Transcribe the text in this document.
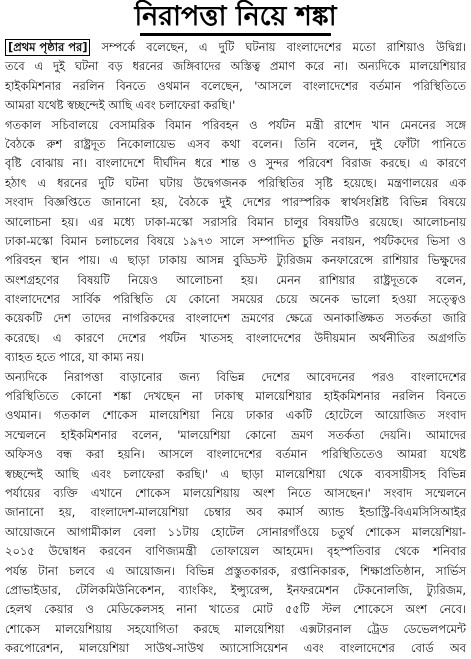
নিরাপত্তা নিয়ে শঙ্কা
[প্রথম পৃষ্ঠার পর] সম্পর্কে বলেছেন, এ দুটি ঘটনায় বাংলাদেশের মতো রাশিয়াও উদ্বিগ্ন।
তবে এ দুই ঘটনা বড় ধরনের জঙ্গিবাদের অস্তিত্ব প্রমাণ করে না। অন্যদিকে মালয়েশিয়ার
হাইকমিশনার নরলিন বিনতে ওথমান বলেছেন, 'আসলে বাংলাদেশের বর্তমান পরিস্থিতিতে
আমরা যথেষ্ট স্বচ্ছন্দেই আছি এবং চলাফেরা করছি।'
গতকাল সচিবালয়ে বেসামরিক বিমান পরিবহন ও পর্যটন মন্ত্রী রাশেদ খান মেননের সঙ্গে
বৈঠকে রুশ রাষ্ট্রদূত নিকোলায়েভ এসব কথা বলেন। তিনি বলেন, দুই ফোঁটা পানিতে
বৃষ্টি বোঝায় না। বাংলাদেশে দীর্ঘদিন ধরে শান্ত ও সুন্দর পরিবেশ বিরাজ করছে। এ কারণে
হঠাৎ এ ধরনের দুটি ঘটনা ঘটায় উদ্বেগজনক পরিস্থিতির সৃষ্টি হয়েছে। মন্ত্রণালয়ের এক
সংবাদ বিজ্ঞপ্তিতে জানানো হয়, বৈঠকে দুই দেশের পারস্পরিক স্বার্থসংশ্লিষ্ট বিভিন্ন বিষয়ে
আলোচনা হয়। এর মধ্যে ঢাকা-মস্কো সরাসরি বিমান চালুর বিষয়টিও রয়েছে। আলোচনায়
ঢাকা-মস্কো বিমান চলাচলের বিষয়ে ১৯৭৩ সালে সম্পাদিত চুক্তি নবায়ন, পর্যটকদের ভিসা ও
পরিবহন স্থান পায়। এ ছাড়া ঢাকায় আসন্ন বুড্ডিস্ট ট্যুরিজম কনফারেন্সে রাশিয়ার ভিক্ষুদের
অংশগ্রহণের বিষয়টি নিয়েও আলোচনা হয়। মেনন রাশিয়ার রাষ্ট্রদূতকে বলেন,
বাংলাদেশের সার্বিক পরিস্থিতি যে কোনো সময়ের চেয়ে অনেক ভালো হওয়া সত্ত্বেও
কয়েকটি দেশ তাদের নাগরিকদের বাংলাদেশ ভ্রমণের ক্ষেত্রে অনাকাঙ্ক্ষিত সতর্কতা জারি
করেছে। এ কারণে দেশের পর্যটন খাতসহ বাংলাদেশের উদীয়মান অর্থনীতির অগ্রগতি
ব্যাহত হতে পারে, যা কাম্য নয়।
অন্যদিকে নিরাপত্তা বাড়ানোর জন্য বিভিন্ন দেশের আবেদনের পরও বাংলাদেশের
পরিস্থিতিতে কোনো শঙ্কা দেখছেন না ঢাকাস্থ মালয়েশিয়ার হাইকমিশনার নরলিন বিনতে
ওথমান। গতকাল শোকেস মালয়েশিয়া নিয়ে ঢাকার একটি হোটেলে আয়োজিত সংবাদ
সম্মেলনে হাইকমিশনার বলেন, 'মালয়েশিয়া কোনো ভ্রমণ সতর্কতা দেয়নি। আমাদের
অফিসও বন্ধ করা হয়নি। আসলে বাংলাদেশের বর্তমান পরিস্থিতিতেও আমরা যথেষ্ট
স্বচ্ছন্দেই আছি এবং চলাফেরা করছি।' এ ছাড়া মালয়েশিয়া থেকে ব্যবসায়ীসহ বিভিন্ন
পর্যায়ের ব্যক্তি এখানে শোকেস মালয়েশিয়ায় অংশ নিতে আসছেন।' সংবাদ সম্মেলনে
জানানো হয়, বাংলাদেশ-মালয়েশিয়া চেম্বার অব কমার্স অ্যান্ড ইন্ডাস্ট্রি-বিএমসিসিআইর
আয়োজনে আগামীকাল বেলা ১১টায় হোটেল সোনারগাঁওয়ে চতুর্থ শোকেস মালয়েশিয়া-
২০১৫ উদ্বোধন করবেন বাণিজ্যমন্ত্রী তোফায়েল আহমেদ। বৃহস্পতিবার থেকে শনিবার
পর্যন্ত টানা চলবে এ আয়োজন। বিভিন্ন প্রস্তুতকারক, রপ্তানিকারক, শিক্ষাপ্রতিষ্ঠান, সার্ভিস
প্রোভাইডার, টেলিকমিউনিকেশন, ব্যাংকিং, ইন্স্যুরেন্স, ইনফরমেশন টেকনোলজি, ট্যুরিজম,
হেলথ কেয়ার ও মেডিকেলসহ নানা খাতের মোট ৫৫টি স্টল শোকেসে অংশ নেবে।
শোকেস মালয়েশিয়ায় সহযোগিতা করছে মালয়েশিয়া এক্সটারনাল ট্রেড ডেভেলপমেন্ট
করপোরেশন, মালয়েশিয়া সাউথ-সাউথ অ্যাসোসিয়েশন এবং বাংলাদেশের বোর্ড অব
